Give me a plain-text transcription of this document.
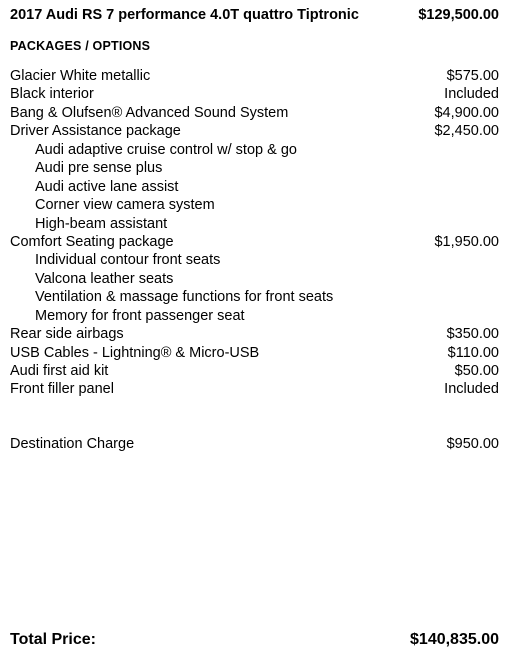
2017 Audi RS 7 performance 4.0T quattro Tiptronic	$129,500.00
PACKAGES / OPTIONS
Glacier White metallic	$575.00
Black interior	Included
Bang & Olufsen® Advanced Sound System	$4,900.00
Driver Assistance package	$2,450.00
Audi adaptive cruise control w/ stop & go
Audi pre sense plus
Audi active lane assist
Corner view camera system
High-beam assistant
Comfort Seating package	$1,950.00
Individual contour front seats
Valcona leather seats
Ventilation & massage functions for front seats
Memory for front passenger seat
Rear side airbags	$350.00
USB Cables - Lightning® & Micro-USB	$110.00
Audi first aid kit	$50.00
Front filler panel	Included
Destination Charge	$950.00
Total Price:	$140,835.00
